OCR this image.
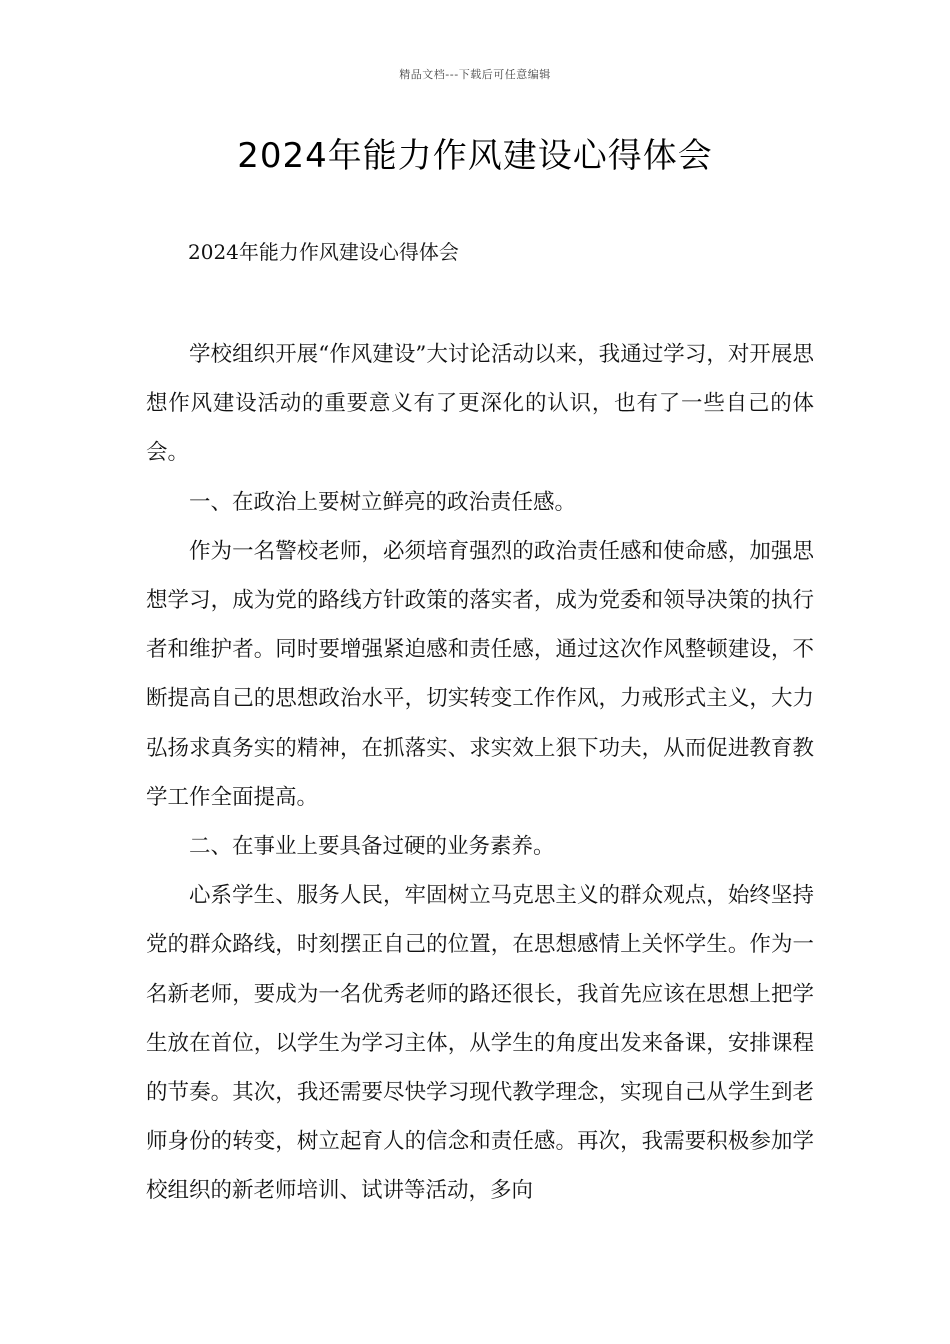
精品文档---下载后可任意编辑
2024年能力作风建设心得体会
2024年能力作风建设心得体会

学校组织开展“作风建设”大讨论活动以来，我通过学习，对开展思想作风建设活动的重要意义有了更深化的认识，也有了一些自己的体会。

一、在政治上要树立鲜亮的政治责任感。

作为一名警校老师，必须培育强烈的政治责任感和使命感，加强思想学习，成为党的路线方针政策的落实者，成为党委和领导决策的执行者和维护者。同时要增强紧迫感和责任感，通过这次作风整顿建设，不断提高自己的思想政治水平，切实转变工作作风，力戒形式主义，大力弘扬求真务实的精神，在抓落实、求实效上狠下功夫，从而促进教育教学工作全面提高。

二、在事业上要具备过硬的业务素养。

心系学生、服务人民，牢固树立马克思主义的群众观点，始终坚持党的群众路线，时刻摆正自己的位置，在思想感情上关怀学生。作为一名新老师，要成为一名优秀老师的路还很长，我首先应该在思想上把学生放在首位，以学生为学习主体，从学生的角度出发来备课，安排课程的节奏。其次，我还需要尽快学习现代教学理念，实现自己从学生到老师身份的转变，树立起育人的信念和责任感。再次，我需要积极参加学校组织的新老师培训、试讲等活动，多向
